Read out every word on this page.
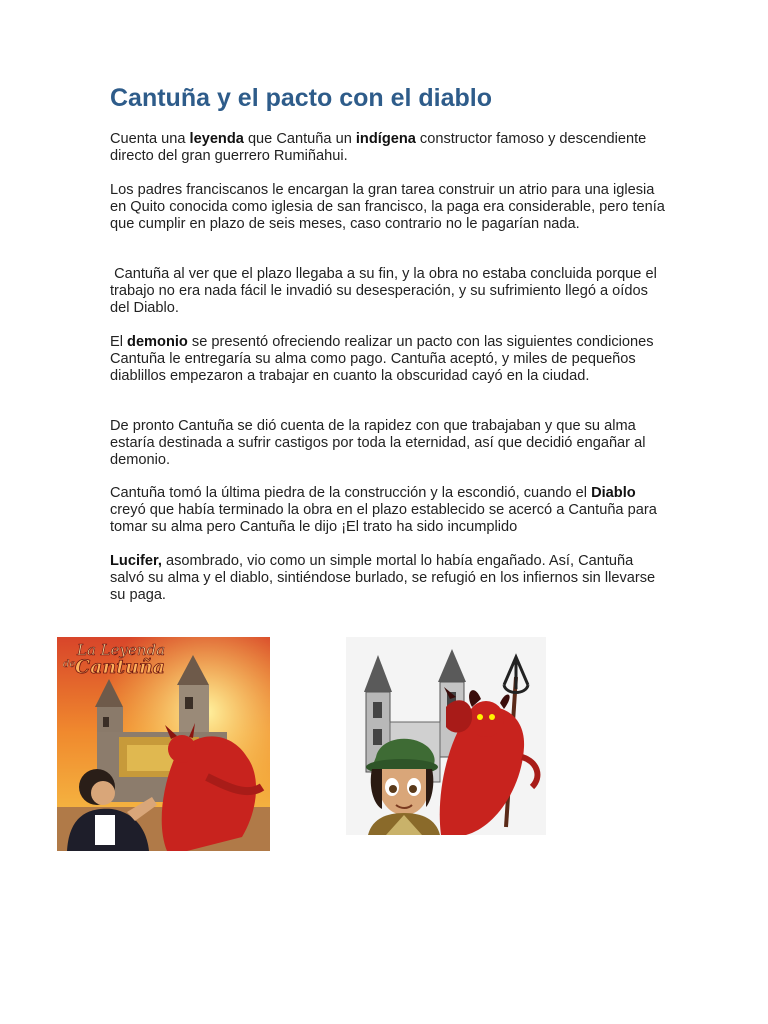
Cantuña y el pacto con el diablo

Cuenta una leyenda que Cantuña un indígena constructor famoso y descendiente directo del gran guerrero Rumiñahui.

Los padres franciscanos le encargan la gran tarea construir un atrio para una iglesia en Quito conocida como iglesia de san francisco, la paga era considerable, pero tenía que cumplir en plazo de seis meses, caso contrario no le pagarían nada.

Cantuña al ver que el plazo llegaba a su fin, y la obra no estaba concluida porque el trabajo no era nada fácil le invadió su desesperación, y su sufrimiento llegó a oídos del Diablo.

El demonio se presentó ofreciendo realizar un pacto con las siguientes condiciones Cantuña le entregaría su alma como pago. Cantuña aceptó, y miles de pequeños diablillos empezaron a trabajar en cuanto la obscuridad cayó en la ciudad.

De pronto Cantuña se dió cuenta de la rapidez con que trabajaban y que su alma estaría destinada a sufrir castigos por toda la eternidad, así que decidió engañar al demonio.

Cantuña tomó la última piedra de la construcción y la escondió, cuando el Diablo creyó que había terminado la obra en el plazo establecido se acercó a Cantuña para tomar su alma pero Cantuña le dijo ¡El trato ha sido incumplido

Lucifer, asombrado, vio como un simple mortal lo había engañado. Así, Cantuña salvó su alma y el diablo, sintiéndose burlado, se refugió en los infiernos sin llevarse su paga.

La Leyenda
de Cantuña
